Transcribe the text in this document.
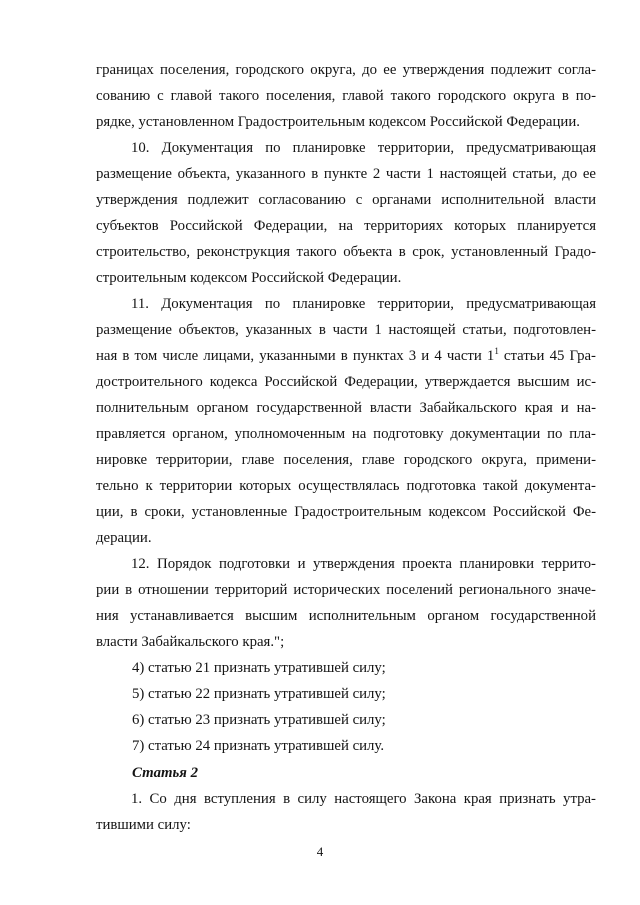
границах поселения, городского округа, до ее утверждения подлежит согла-
сованию с главой такого поселения, главой такого городского округа в по-
рядке, установленном Градостроительным кодексом Российской Федерации.
10. Документация по планировке территории, предусматривающая
размещение объекта, указанного в пункте 2 части 1 настоящей статьи, до ее
утверждения подлежит согласованию с органами исполнительной власти
субъектов Российской Федерации, на территориях которых планируется
строительство, реконструкция такого объекта в срок, установленный Градо-
строительным кодексом Российской Федерации.
11. Документация по планировке территории, предусматривающая
размещение объектов, указанных в части 1 настоящей статьи, подготовлен-
ная в том числе лицами, указанными в пунктах 3 и 4 части $1^1$ статьи 45 Гра-
достроительного кодекса Российской Федерации, утверждается высшим ис-
полнительным органом государственной власти Забайкальского края и на-
правляется органом, уполномоченным на подготовку документации по пла-
нировке территории, главе поселения, главе городского округа, примени-
тельно к территории которых осуществлялась подготовка такой документа-
ции, в сроки, установленные Градостроительным кодексом Российской Фе-
дерации.
12. Порядок подготовки и утверждения проекта планировки террито-
рии в отношении территорий исторических поселений регионального значе-
ния устанавливается высшим исполнительным органом государственной
власти Забайкальского края.";
4) статью 21 признать утратившей силу;
5) статью 22 признать утратившей силу;
6) статью 23 признать утратившей силу;
7) статью 24 признать утратившей силу.
Статья 2
1. Со дня вступления в силу настоящего Закона края признать утра-
тившими силу:
4
